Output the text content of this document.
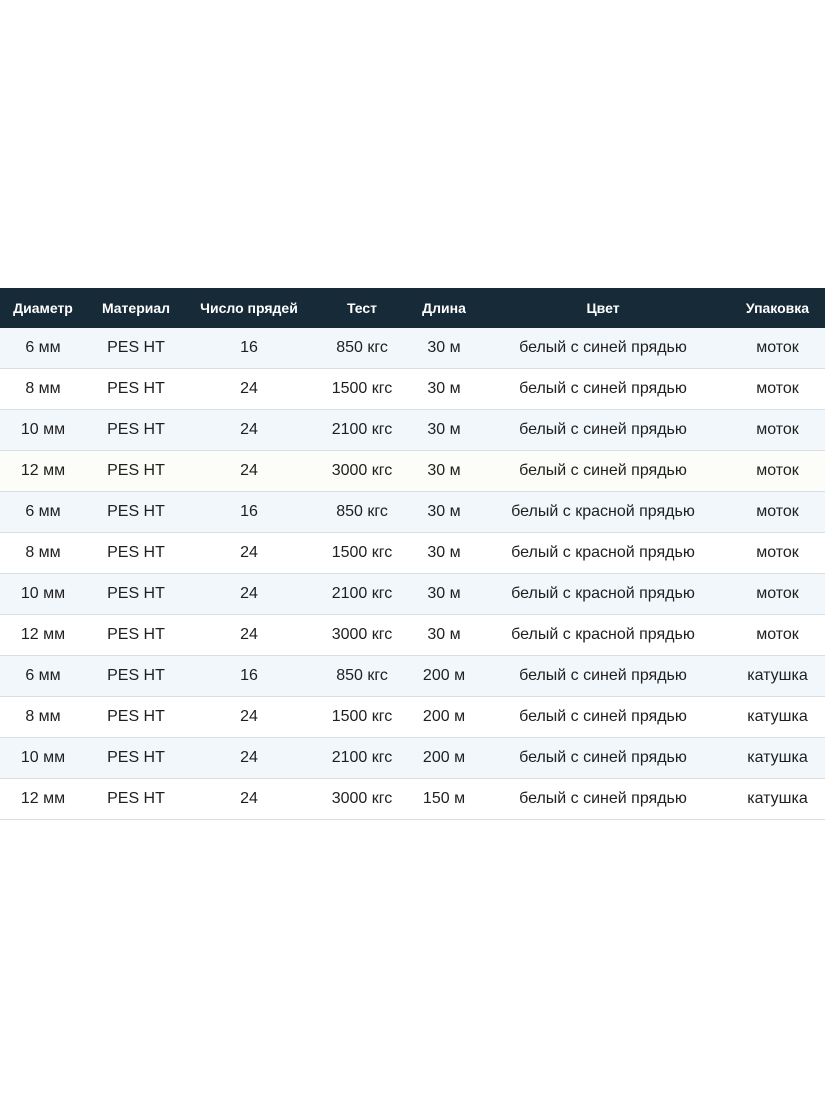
Диаметр	Материал	Число прядей	Тест	Длина	Цвет	Упаковка
6 мм	PES HT	16	850 кгс	30 м	белый с синей прядью	моток
8 мм	PES HT	24	1500 кгс	30 м	белый с синей прядью	моток
10 мм	PES HT	24	2100 кгс	30 м	белый с синей прядью	моток
12 мм	PES HT	24	3000 кгс	30 м	белый с синей прядью	моток
6 мм	PES HT	16	850 кгс	30 м	белый с красной прядью	моток
8 мм	PES HT	24	1500 кгс	30 м	белый с красной прядью	моток
10 мм	PES HT	24	2100 кгс	30 м	белый с красной прядью	моток
12 мм	PES HT	24	3000 кгс	30 м	белый с красной прядью	моток
6 мм	PES HT	16	850 кгс	200 м	белый с синей прядью	катушка
8 мм	PES HT	24	1500 кгс	200 м	белый с синей прядью	катушка
10 мм	PES HT	24	2100 кгс	200 м	белый с синей прядью	катушка
12 мм	PES HT	24	3000 кгс	150 м	белый с синей прядью	катушка
